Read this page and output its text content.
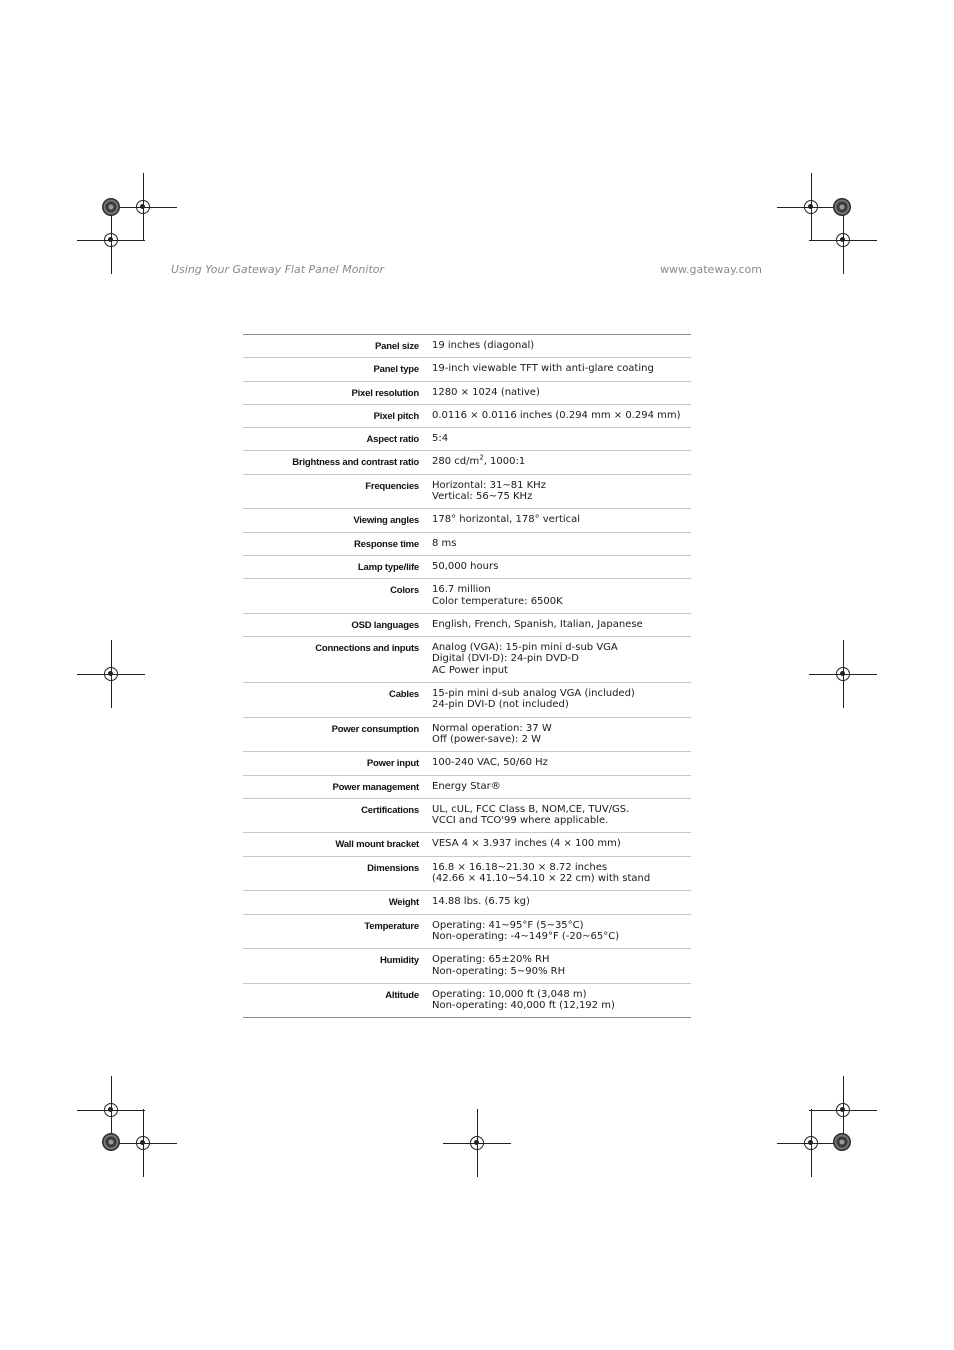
Using Your Gateway Flat Panel Monitor	www.gateway.com
Panel size	19 inches (diagonal)

Panel type	19-inch viewable TFT with anti-glare coating

Pixel resolution	1280 × 1024 (native)

Pixel pitch	0.0116 × 0.0116 inches (0.294 mm × 0.294 mm)

Aspect ratio	5:4

Brightness and contrast ratio	280 $cd/m^2$, 1000:1

Frequencies	Horizontal: 31~81 KHz
Vertical: 56~75 KHz

Viewing angles	178° horizontal, 178° vertical

Response time	8 ms

Lamp type/life	50,000 hours

Colors	16.7 million
Color temperature: 6500K

OSD languages	English, French, Spanish, Italian, Japanese

Connections and inputs	Analog (VGA): 15-pin mini d-sub VGA
Digital (DVI-D): 24-pin DVD-D
AC Power input

Cables	15-pin mini d-sub analog VGA (included)
24-pin DVI-D (not included)

Power consumption	Normal operation: 37 W
Off (power-save): 2 W

Power input	100-240 VAC, 50/60 Hz

Power management	Energy Star®

Certifications	UL, cUL, FCC Class B, NOM,CE, TUV/GS.
VCCI and TCO'99 where applicable.

Wall mount bracket	VESA 4 × 3.937 inches (4 × 100 mm)

Dimensions	16.8 × 16.18~21.30 × 8.72 inches
(42.66 × 41.10~54.10 × 22 cm) with stand

Weight	14.88 lbs. (6.75 kg)

Temperature	Operating: 41~95°F (5~35°C)
Non-operating: -4~149°F (-20~65°C)

Humidity	Operating: 65±20% RH
Non-operating: 5~90% RH

Altitude	Operating: 10,000 ft (3,048 m)
Non-operating: 40,000 ft (12,192 m)
